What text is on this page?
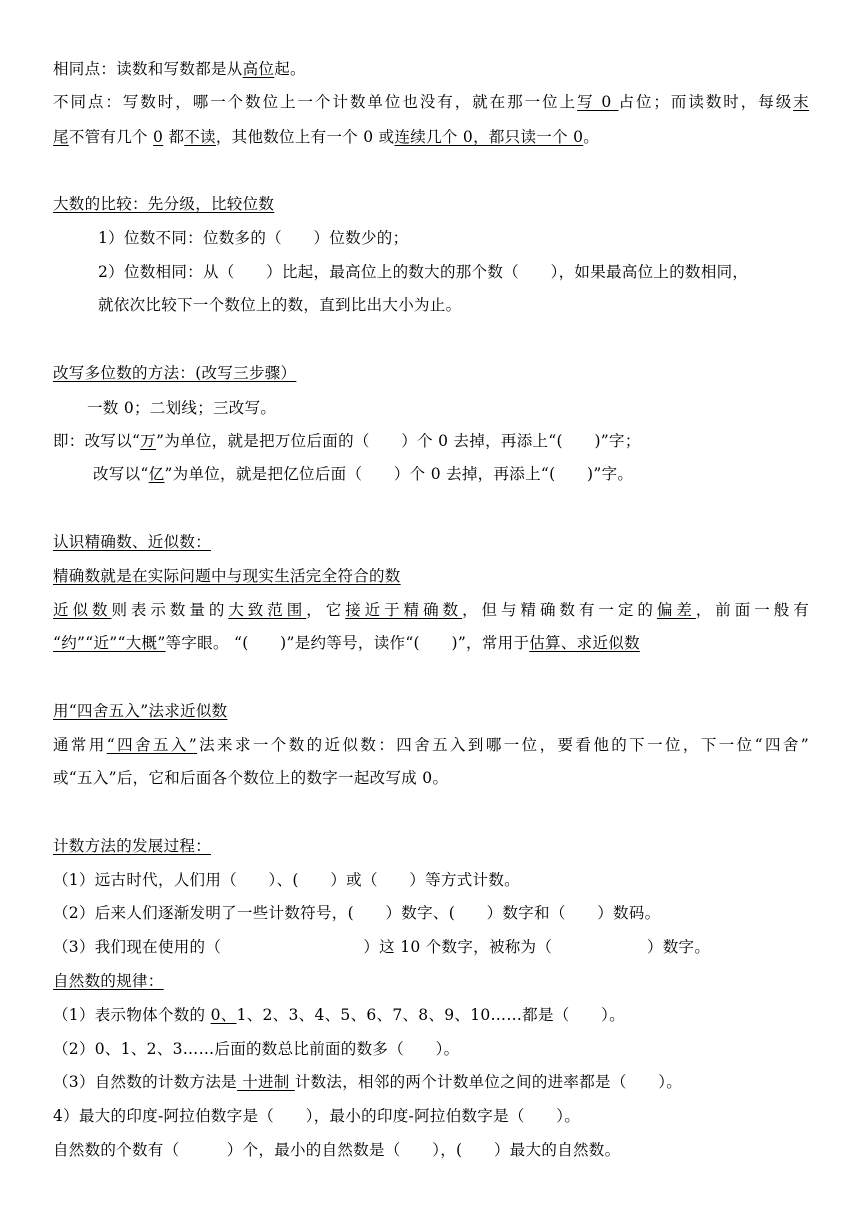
相同点：读数和写数都是从高位起。
不同点：写数时，哪一个数位上一个计数单位也没有，就在那一位上写 0 占位；而读数时，每级末
尾不管有几个 0 都不读，其他数位上有一个 0 或连续几个 0，都只读一个 0。
大数的比较：先分级，比较位数
1）位数不同：位数多的（　　）位数少的；
2）位数相同：从（　　）比起，最高位上的数大的那个数（　　），如果最高位上的数相同，
就依次比较下一个数位上的数，直到比出大小为止。
改写多位数的方法：(改写三步骤）
一数 0；二划线；三改写。
即：改写以“万”为单位，就是把万位后面的（　　）个 0 去掉，再添上“(　　)”字；
改写以“亿”为单位，就是把亿位后面（　　）个 0 去掉，再添上“(　　)”字。
认识精确数、近似数：
精确数就是在实际问题中与现实生活完全符合的数
近似数则表示数量的大致范围，它接近于精确数，但与精确数有一定的偏差，前面一般有
“约”“近”“大概”等字眼。 “(　　)”是约等号，读作“(　　)”，常用于估算、求近似数
用“四舍五入”法求近似数
通常用“四舍五入”法来求一个数的近似数：四舍五入到哪一位，要看他的下一位，下一位“四舍”
或“五入”后，它和后面各个数位上的数字一起改写成 0。
计数方法的发展过程：
（1）远古时代，人们用（　　）、(　　）或（　　）等方式计数。
（2）后来人们逐渐发明了一些计数符号，(　　）数字、(　　）数字和（　　）数码。
（3）我们现在使用的（　　　　　　　　　）这 10 个数字，被称为（　　　　　　）数字。
自然数的规律：
（1）表示物体个数的 0、1、2、3、4、5、6、7、8、9、10……都是（　　）。
（2）0、1、2、3……后面的数总比前面的数多（　　）。
（3）自然数的计数方法是 十进制 计数法，相邻的两个计数单位之间的进率都是（　　）。
4）最大的印度-阿拉伯数字是（　　），最小的印度-阿拉伯数字是（　　）。
自然数的个数有（　　　）个，最小的自然数是（　　），(　　）最大的自然数。
